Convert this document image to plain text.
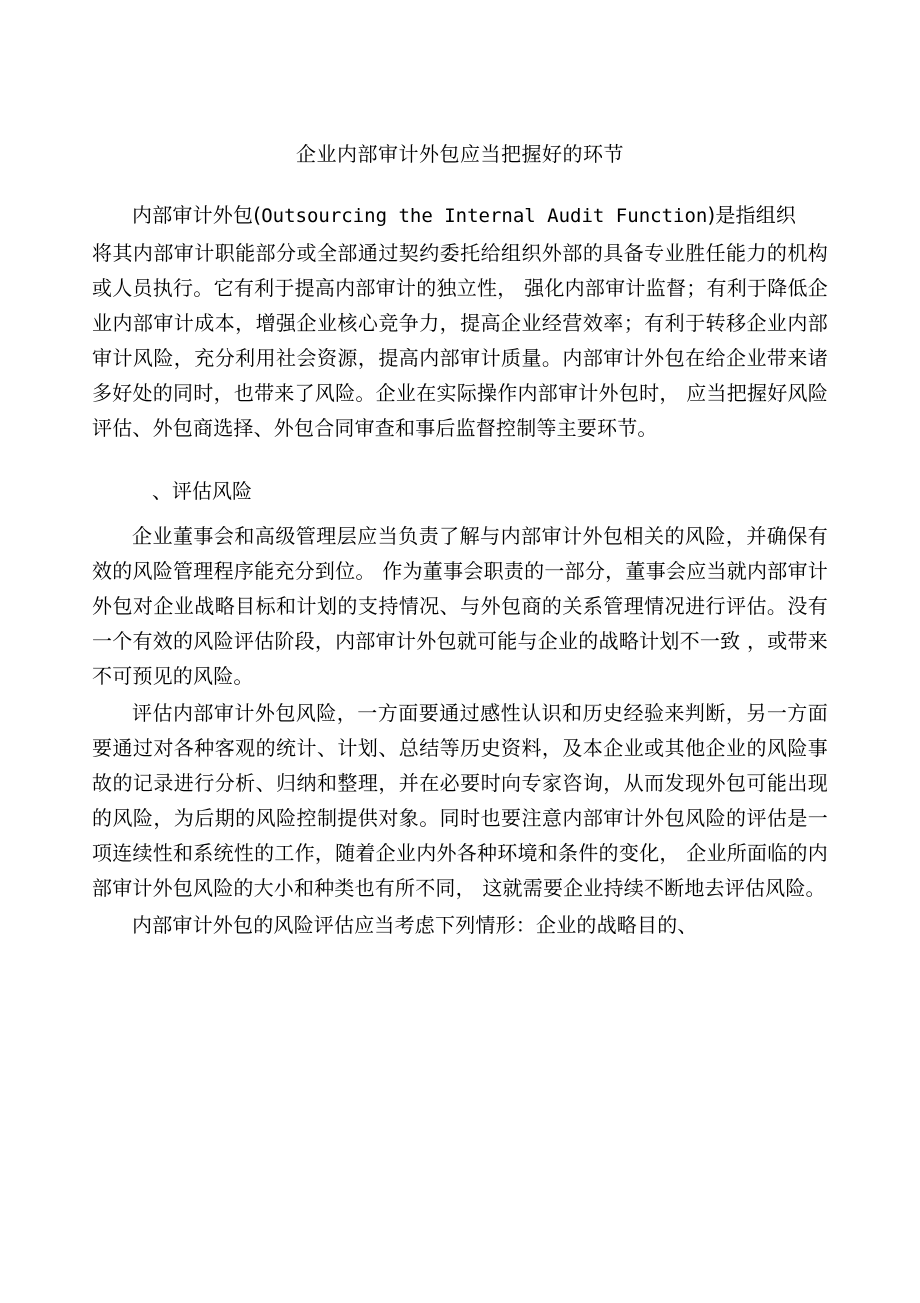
企业内部审计外包应当把握好的环节

内部审计外包(Outsourcing the Internal Audit Function)是指组织

将其内部审计职能部分或全部通过契约委托给组织外部的具备专业胜任能力的机构或人员执行。它有利于提高内部审计的独立性， 强化内部审计监督；有利于降低企业内部审计成本，增强企业核心竞争力，提高企业经营效率；有利于转移企业内部审计风险，充分利用社会资源，提高内部审计质量。内部审计外包在给企业带来诸多好处的同时，也带来了风险。企业在实际操作内部审计外包时， 应当把握好风险评估、外包商选择、外包合同审查和事后监督控制等主要环节。

、评估风险

企业董事会和高级管理层应当负责了解与内部审计外包相关的风险，并确保有效的风险管理程序能充分到位。 作为董事会职责的一部分，董事会应当就内部审计外包对企业战略目标和计划的支持情况、与外包商的关系管理情况进行评估。没有一个有效的风险评估阶段，内部审计外包就可能与企业的战略计划不一致 ，或带来不可预见的风险。

评估内部审计外包风险，一方面要通过感性认识和历史经验来判断，另一方面要通过对各种客观的统计、计划、总结等历史资料，及本企业或其他企业的风险事故的记录进行分析、归纳和整理，并在必要时向专家咨询，从而发现外包可能出现的风险，为后期的风险控制提供对象。同时也要注意内部审计外包风险的评估是一项连续性和系统性的工作，随着企业内外各种环境和条件的变化， 企业所面临的内部审计外包风险的大小和种类也有所不同， 这就需要企业持续不断地去评估风险。

内部审计外包的风险评估应当考虑下列情形：企业的战略目的、
